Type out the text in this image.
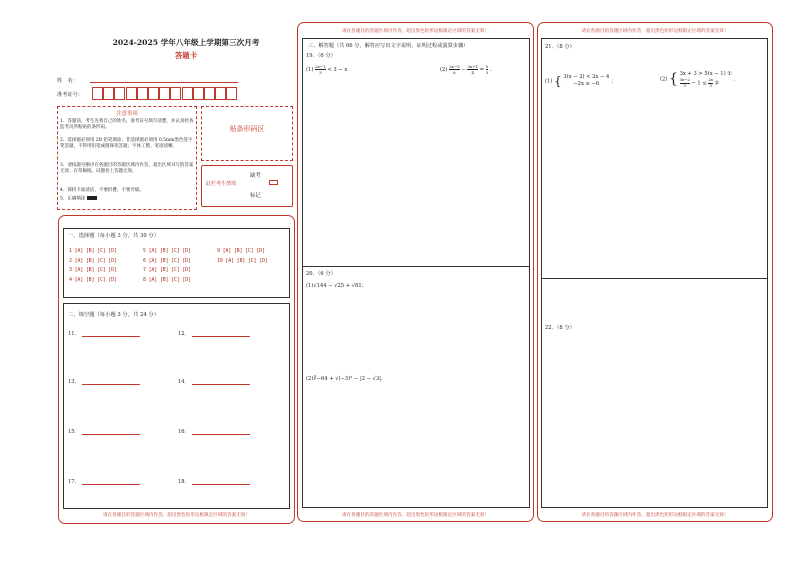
2024-2025 学年八年级上学期第三次月考
答题卡
姓　名：
准考证号：
注意事项
1．答题前，考生先将自己的姓名，准考证号填写清楚，并认真检查监考员所粘贴的条形码。
2．选择题必须用 2B 铅笔填涂；非选择题必须用 0.5mm黑色签字笔答题，不得用铅笔或圆珠笔答题；字体工整、笔迹清晰。
3．请按题号顺序在各题目的答题区域内作答，超出区域书写的答案无效；在草稿纸、试题卷上答题无效。
4．保持卡面清洁，不要折叠、不要弄破。
5．正确填涂
贴条形码区
缺考
此栏考生禁填
标记
一、选择题（每小题 3 分，共 30 分）
1 [A] [B] [C] [D]
2 [A] [B] [C] [D]
3 [A] [B] [C] [D]
4 [A] [B] [C] [D]
5 [A] [B] [C] [D]
6 [A] [B] [C] [D]
7 [A] [B] [C] [D]
8 [A] [B] [C] [D]
9 [A] [B] [C] [D]
10 [A] [B] [C] [D]
二、填空题（每小题 3 分，共 24 分）
11．	12．
13．	14．
15．	16．
17．	18．
请在各题目的答题区域内作答，超出黑色矩形边框限定区域的答案无效！
请在各题目的答题区域内作答，超出黑色矩形边框限定区域的答案无效！
三、解答题（共 66 分，解答应写出文字说明，证明过程或演算步骤）
19．（6 分）
$(1) \frac{2x-1}{3} < 3 - x$	$(2) \frac{2x-5}{6} - \frac{3x+1}{4} = \frac{5}{3}$ .
20．（6 分）
(1)√144 − √25 + √81；
(2)∛−64 + √(−3)² − |2 − √3|.
请在各题目的答题区域内作答，超出黑色矩形边框限定区域的答案无效！
请在各题目的答题区域内作答，超出黑色矩形边框限定区域的答案无效！
21．（8 分）
(1) { 3(x − 2) < 2x − 4
−2x ≥ −6	；	(2) { 3x + 3 > 5(x − 1) ①
$\frac{3x-2}{3} - 1 \le \frac{2x}{3}$ ②
.
22．（8 分）
请在各题目的答题区域内作答，超出黑色矩形边框限定区域的答案无效！
